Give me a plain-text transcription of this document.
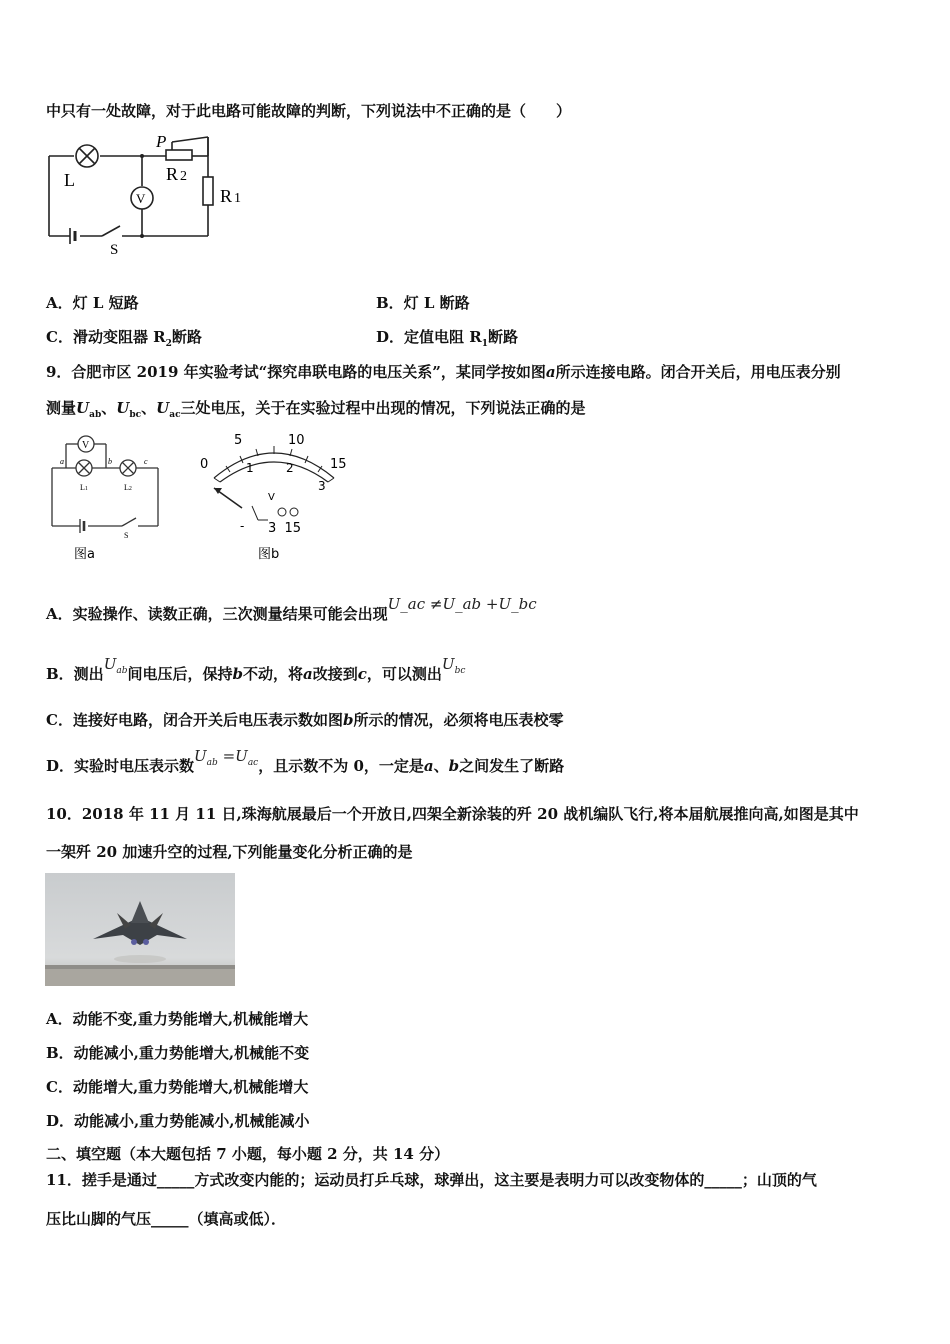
中只有一处故障，对于此电路可能故障的判断，下列说法中不正确的是（　　）
L
V
P
R 2
R 1
S
A．灯 L 短路	B．灯 L 断路
C．滑动变阻器 $R_2$断路	D．定值电阻 $R_1$断路
9．合肥市区 2019 年实验考试“探究串联电路的电压关系”，某同学按如图a所示连接电路。闭合开关后，用电压表分别
测量$U_{ab}$、$U_{bc}$、$U_{ac}$三处电压，关于在实验过程中出现的情况，下列说法正确的是
V
a	b	c
L1	L2
S
图a
5	10
0	1	2	15
3
V
- 3  15
图b
A．实验操作、读数正确，三次测量结果可能会出现U_ac ≠U_ab +U_bc
B．测出$U_{ab}$间电压后，保持b不动，将a改接到c，可以测出$U_{bc}$
C．连接好电路，闭合开关后电压表示数如图b所示的情况，必须将电压表校零
D．实验时电压表示数$U_{ab} =U_{ac}$，且示数不为 0，一定是a、b之间发生了断路
10．2018 年 11 月 11 日,珠海航展最后一个开放日,四架全新涂装的歼 20 战机编队飞行,将本届航展推向高,如图是其中
一架歼 20 加速升空的过程,下列能量变化分析正确的是
A．动能不变,重力势能增大,机械能增大
B．动能减小,重力势能增大,机械能不变
C．动能增大,重力势能增大,机械能增大
D．动能减小,重力势能减小,机械能减小
二、填空题（本大题包括 7 小题，每小题 2 分，共 14 分）
11．搓手是通过_____方式改变内能的；运动员打乒乓球，球弹出，这主要是表明力可以改变物体的_____；山顶的气
压比山脚的气压_____（填高或低）．
